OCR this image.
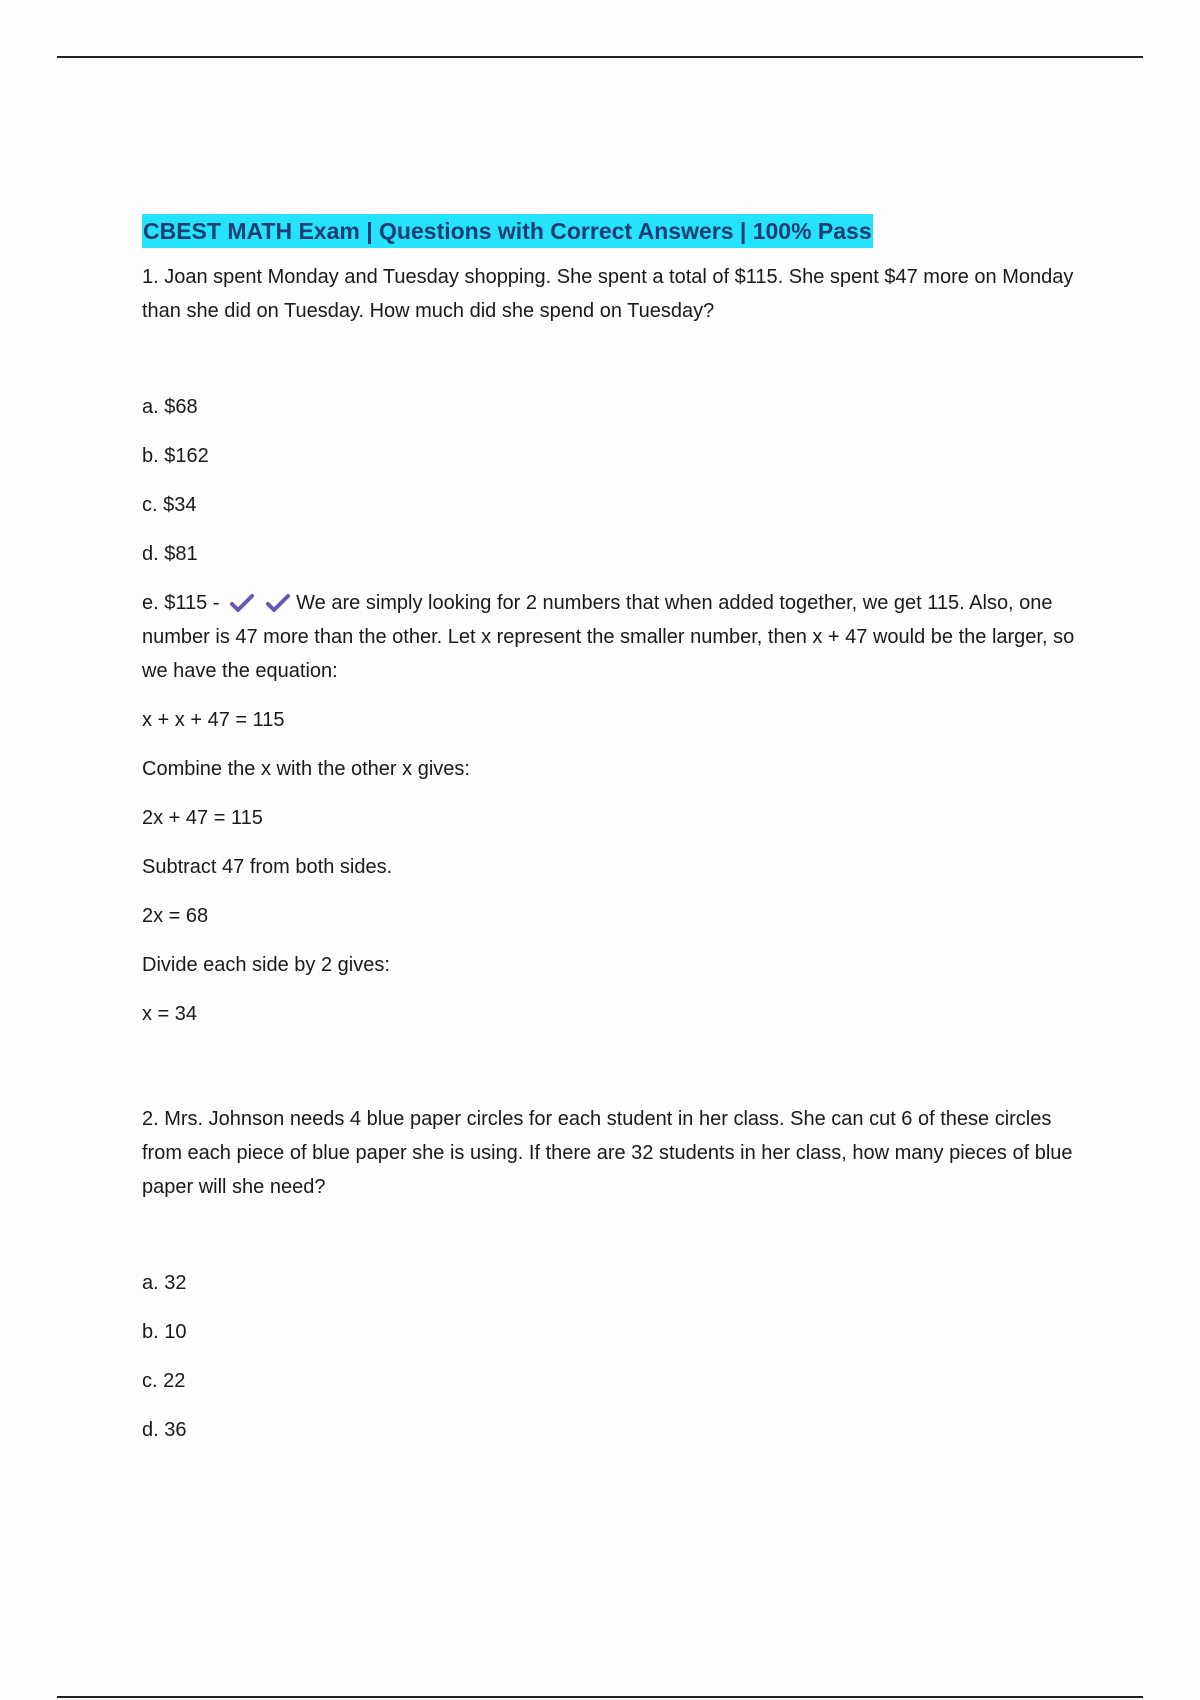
CBEST MATH Exam | Questions with Correct Answers | 100% Pass

1. Joan spent Monday and Tuesday shopping. She spent a total of $115. She spent $47 more on Monday than she did on Tuesday. How much did she spend on Tuesday?

a. $68

b. $162

c. $34

d. $81

e. $115 -
	We are simply looking for 2 numbers that when added together, we get 115. Also, one number is 47 more than the other. Let x represent the smaller number, then x + 47 would be the larger, so we have the equation:

x + x + 47 = 115

Combine the x with the other x gives:

2x + 47 = 115

Subtract 47 from both sides.

2x = 68

Divide each side by 2 gives:

x = 34

2. Mrs. Johnson needs 4 blue paper circles for each student in her class. She can cut 6 of these circles from each piece of blue paper she is using. If there are 32 students in her class, how many pieces of blue paper will she need?

a. 32

b. 10

c. 22

d. 36
